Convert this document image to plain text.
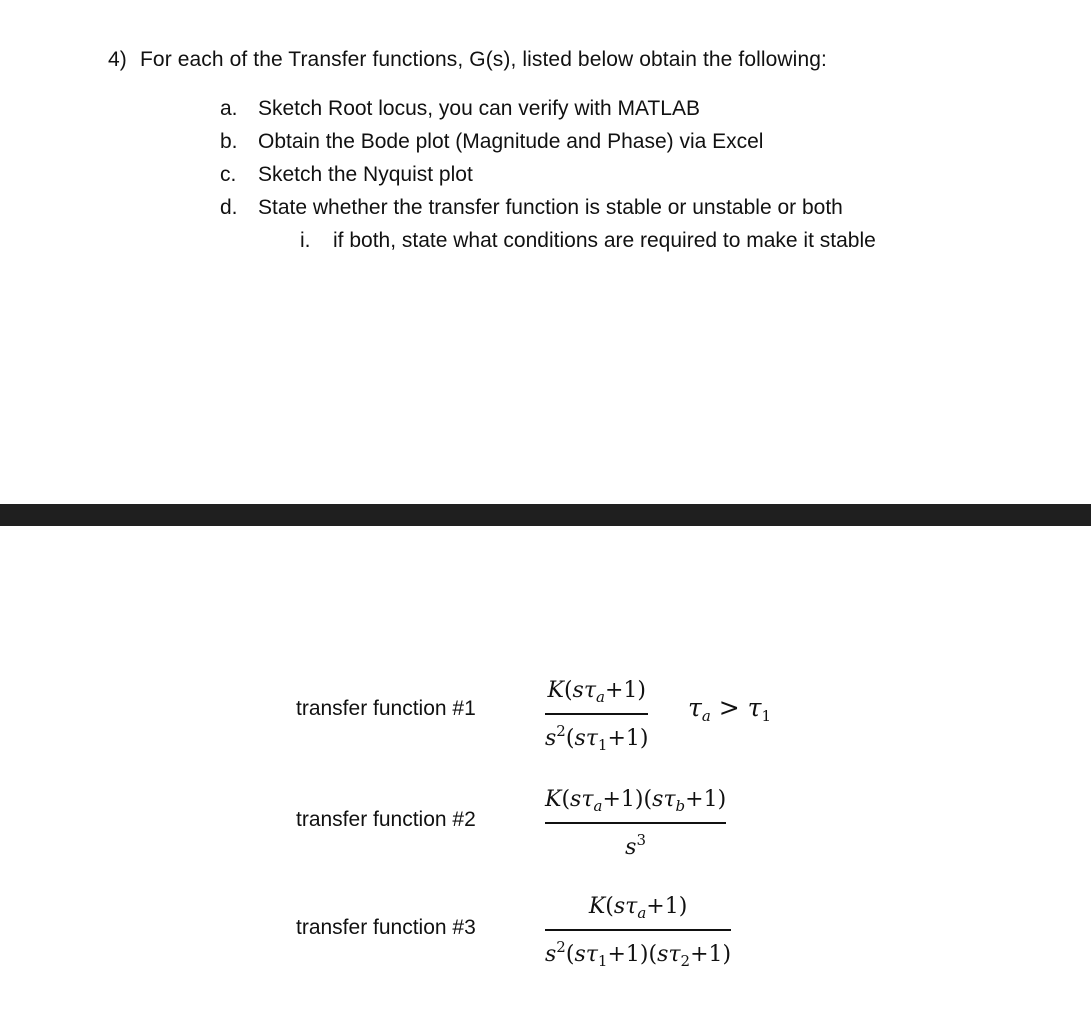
4) For each of the Transfer functions, G(s), listed below obtain the following:
a. Sketch Root locus, you can verify with MATLAB
b. Obtain the Bode plot (Magnitude and Phase) via Excel
c. Sketch the Nyquist plot
d. State whether the transfer function is stable or unstable or both
i. if both, state what conditions are required to make it stable
transfer function #1
$K(s\tau_a+1)$
$s^2(s\tau_1+1)$
$\tau_a > \tau_1$
transfer function #2
$K(s\tau_a+1)(s\tau_b+1)$
$s^3$
transfer function #3
$K(s\tau_a+1)$
$s^2(s\tau_1+1)(s\tau_2+1)$
